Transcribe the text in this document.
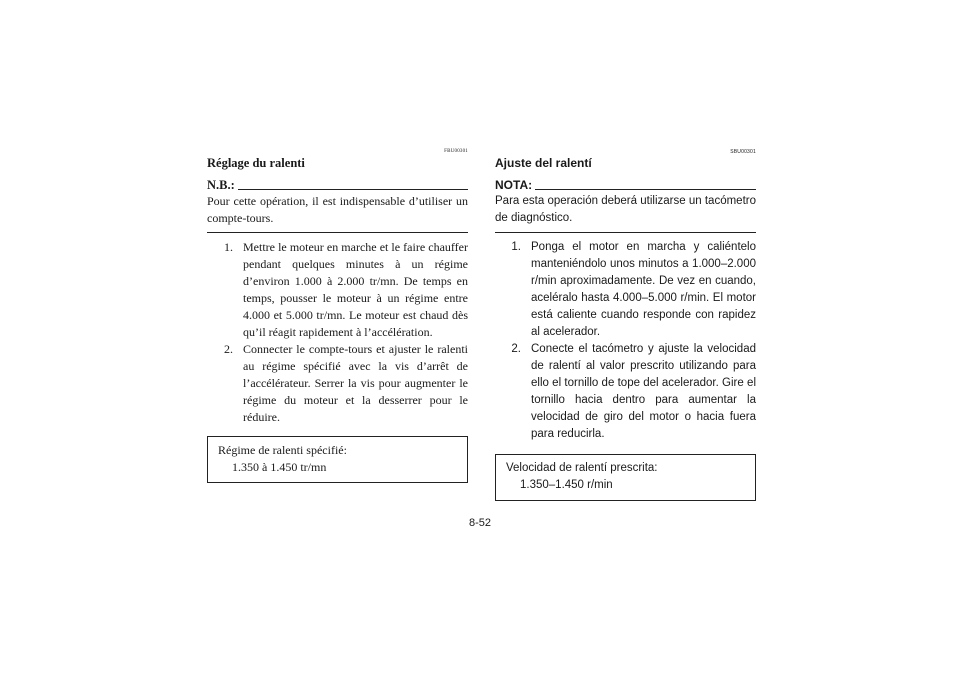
FBU00301
Réglage du ralenti
N.B.:
Pour cette opération, il est indispensable d’utiliser un compte-tours.
1. Mettre le moteur en marche et le faire chauffer pendant quelques minutes à un régime d’environ 1.000 à 2.000 tr/mn. De temps en temps, pousser le moteur à un régime entre 4.000 et 5.000 tr/mn. Le moteur est chaud dès qu’il réagit rapidement à l’accélération.
2. Connecter le compte-tours et ajuster le ralenti au régime spécifié avec la vis d’arrêt de l’accélérateur. Serrer la vis pour augmenter le régime du moteur et la desserrer pour le réduire.
Régime de ralenti spécifié:
1.350 à 1.450 tr/mn
SBU00301
Ajuste del ralentí
NOTA:
Para esta operación deberá utilizarse un tacómetro de diagnóstico.
1. Ponga el motor en marcha y caliéntelo manteniéndolo unos minutos a 1.000–2.000 r/min aproximadamente. De vez en cuando, aceléralo hasta 4.000–5.000 r/min. El motor está caliente cuando responde con rapidez al acelerador.
2. Conecte el tacómetro y ajuste la velocidad de ralentí al valor prescrito utilizando para ello el tornillo de tope del acelerador. Gire el tornillo hacia dentro para aumentar la velocidad de giro del motor o hacia fuera para reducirla.
Velocidad de ralentí prescrita:
1.350–1.450 r/min
8-52
